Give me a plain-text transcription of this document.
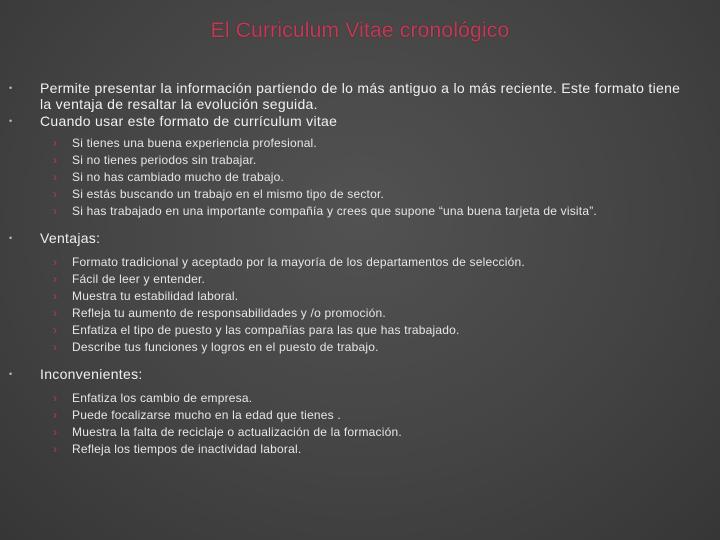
El Curriculum Vitae cronológico
• Permite presentar la información partiendo de lo más antiguo a lo más reciente. Este formato tiene la ventaja de resaltar la evolución seguida.
• Cuando usar este formato de currículum vitae
› Si tienes una buena experiencia profesional.
› Si no tienes periodos sin trabajar.
› Si no has cambiado mucho de trabajo.
› Si estás buscando un trabajo en el mismo tipo de sector.
› Si has trabajado en una importante compañía y crees que supone “una buena tarjeta de visita”.
• Ventajas:
› Formato tradicional y aceptado por la mayoría de los departamentos de selección.
› Fácil de leer y entender.
› Muestra tu estabilidad laboral.
› Refleja tu aumento de responsabilidades y /o promoción.
› Enfatiza el tipo de puesto y las compañías para las que has trabajado.
› Describe tus funciones y logros en el puesto de trabajo.
• Inconvenientes:
› Enfatiza los cambio de empresa.
› Puede focalizarse mucho en la edad que tienes .
› Muestra la falta de reciclaje o actualización de la formación.
› Refleja los tiempos de inactividad laboral.
